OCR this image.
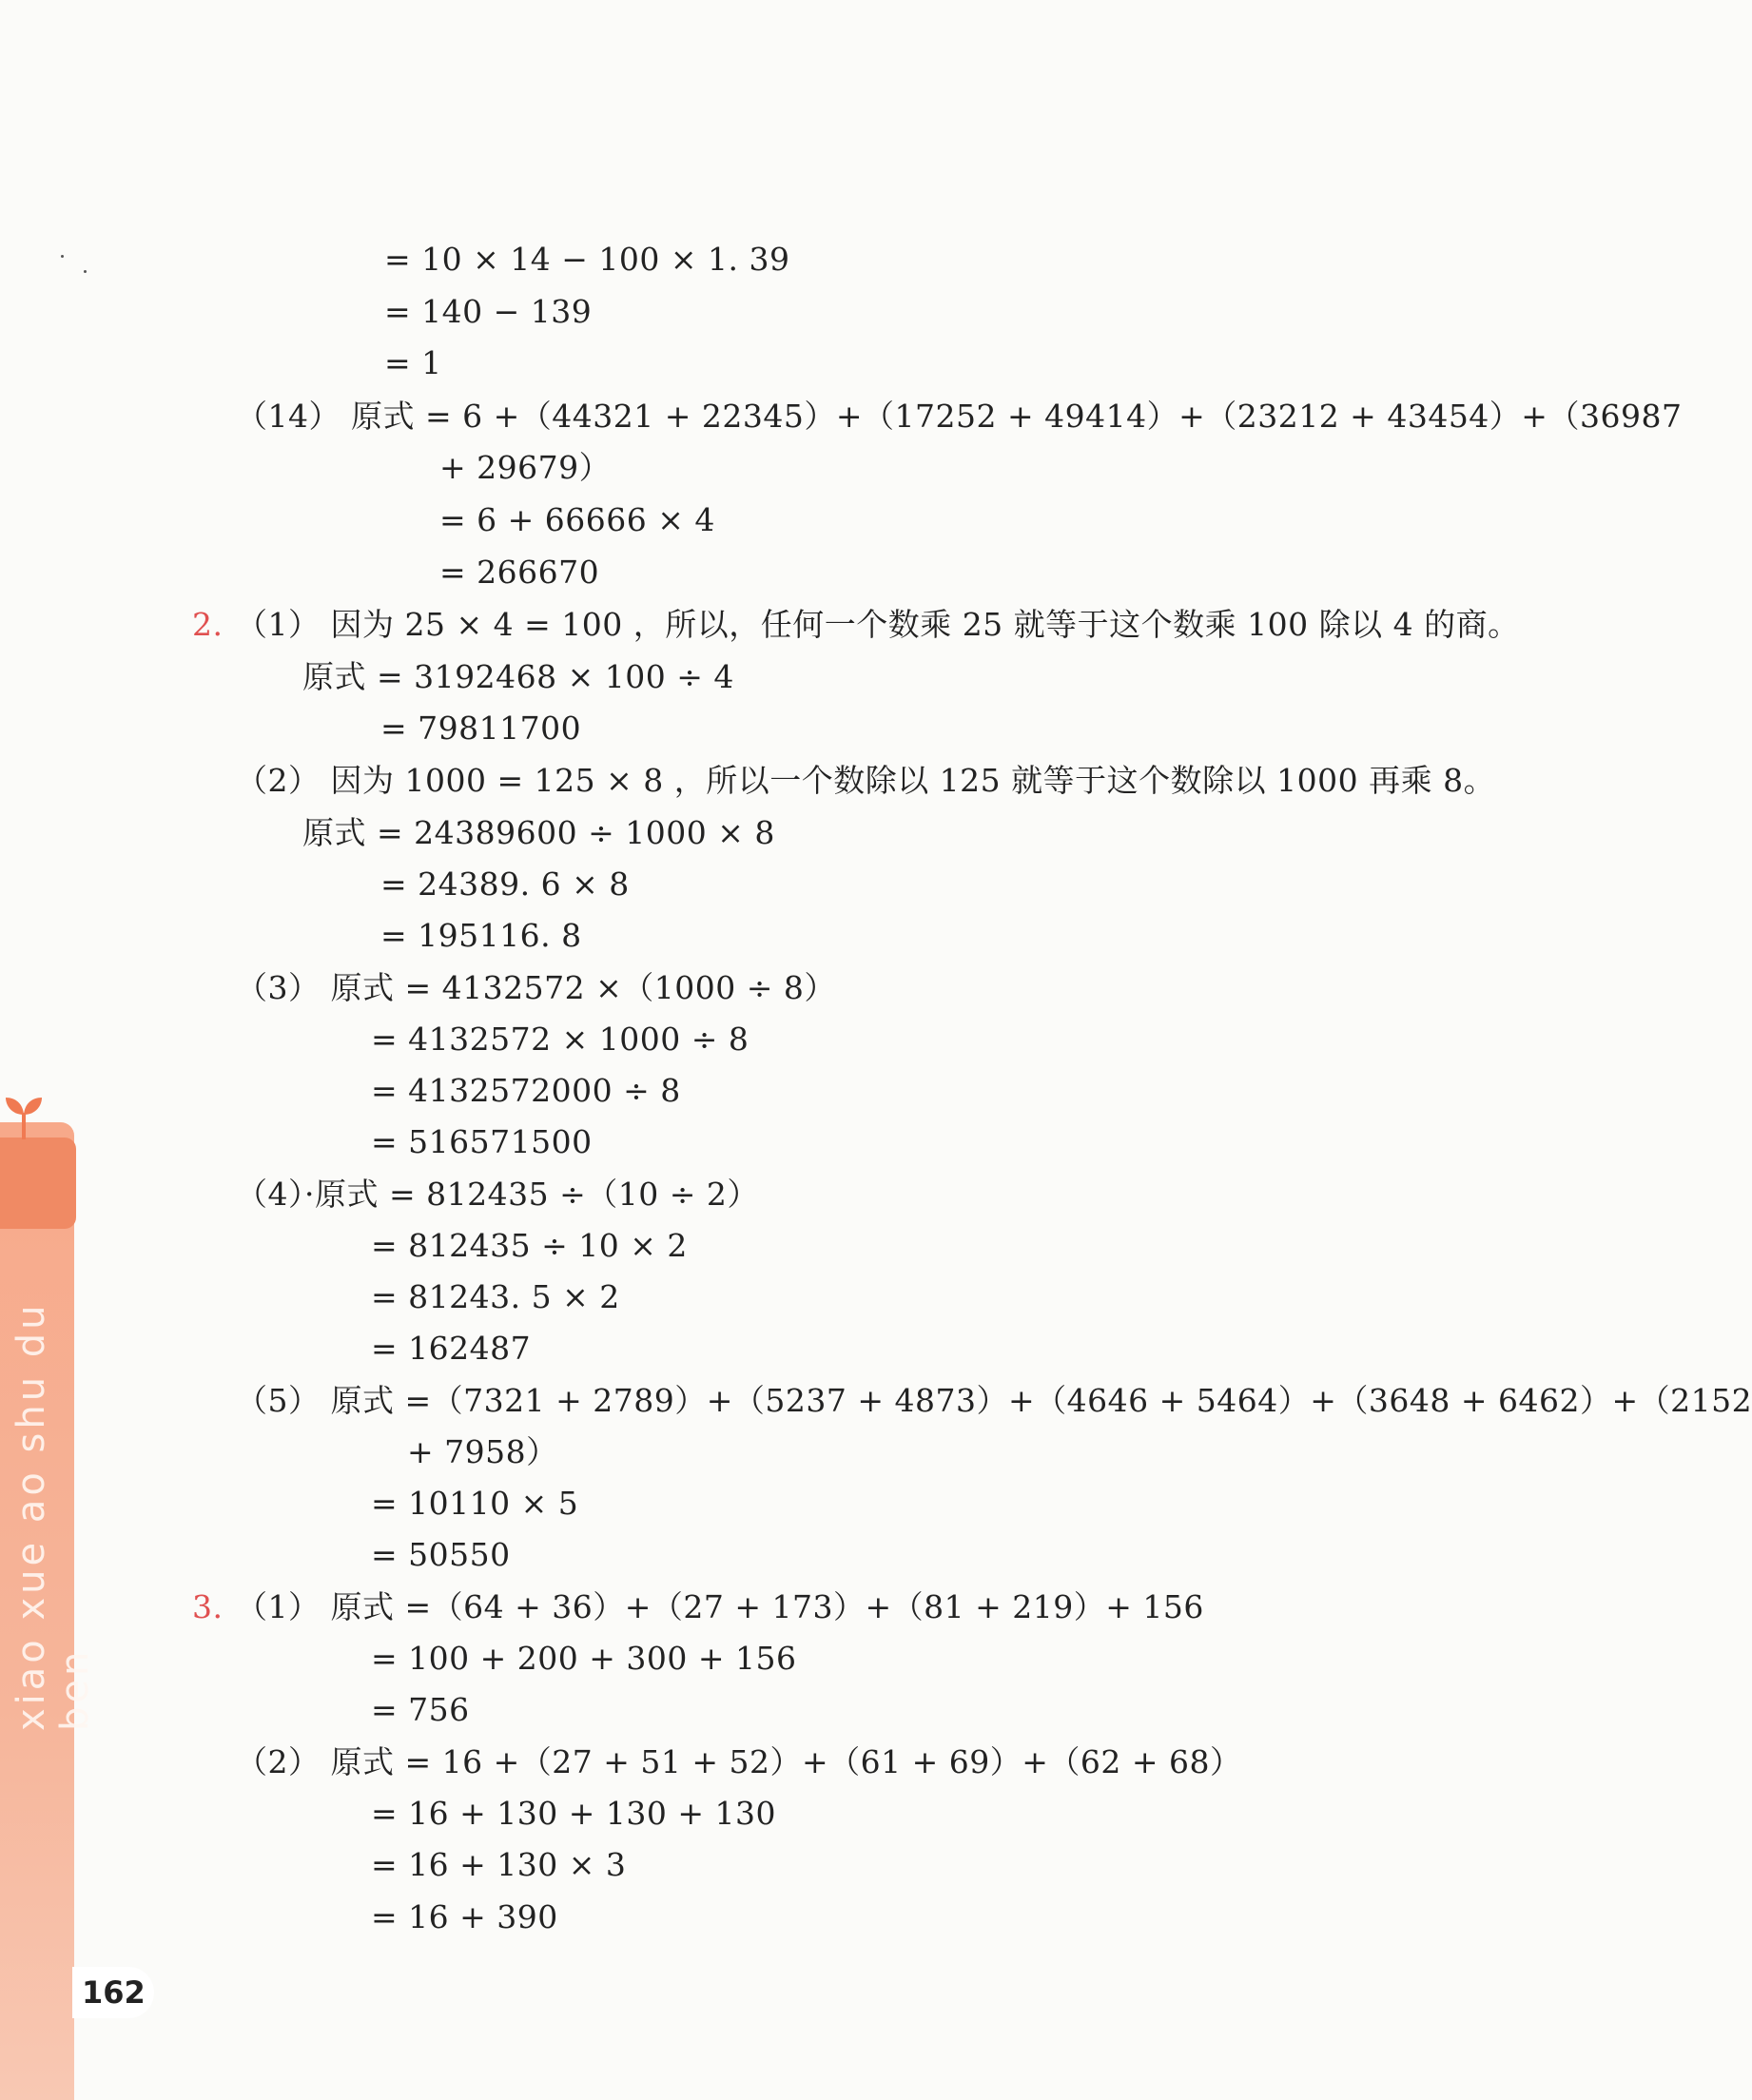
= 10 × 14 − 100 × 1. 39
= 140 − 139
= 1
（14） 原式 = 6 +（44321 + 22345）+（17252 + 49414）+（23212 + 43454）+（36987
+ 29679）
= 6 + 66666 × 4
= 266670
2. （1） 因为 25 × 4 = 100 ，所以，任何一个数乘 25 就等于这个数乘 100 除以 4 的商。
原式 = 3192468 × 100 ÷ 4
= 79811700
（2） 因为 1000 = 125 × 8 ，所以一个数除以 125 就等于这个数除以 1000 再乘 8。
原式 = 24389600 ÷ 1000 × 8
= 24389. 6 × 8
= 195116. 8
（3） 原式 = 4132572 ×（1000 ÷ 8）
= 4132572 × 1000 ÷ 8
= 4132572000 ÷ 8
= 516571500
（4）·原式 = 812435 ÷（10 ÷ 2）
= 812435 ÷ 10 × 2
= 81243. 5 × 2
= 162487
（5） 原式 =（7321 + 2789）+（5237 + 4873）+（4646 + 5464）+（3648 + 6462）+（2152
+ 7958）
= 10110 × 5
= 50550
3. （1） 原式 =（64 + 36）+（27 + 173）+（81 + 219）+ 156
= 100 + 200 + 300 + 156
= 756
（2） 原式 = 16 +（27 + 51 + 52）+（61 + 69）+（62 + 68）
= 16 + 130 + 130 + 130
= 16 + 130 × 3
= 16 + 390
xiao xue ao shu du ben
162
